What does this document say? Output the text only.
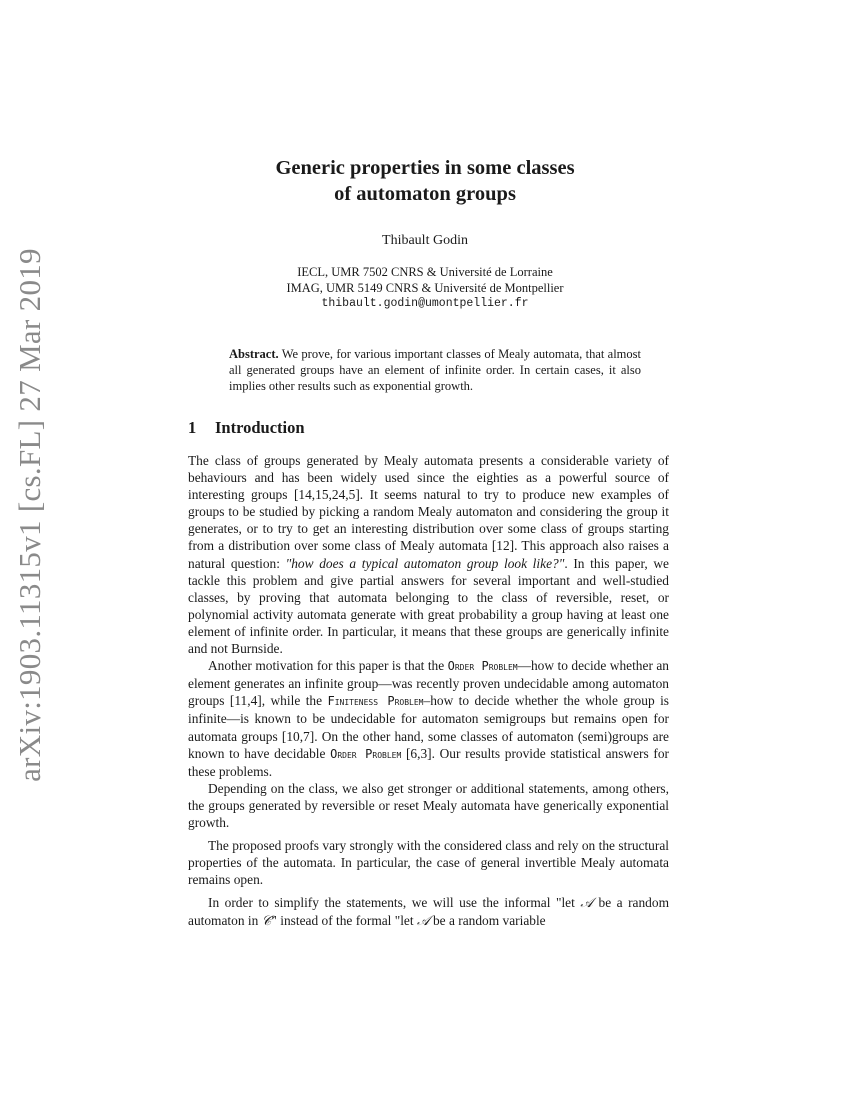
arXiv:1903.11315v1 [cs.FL] 27 Mar 2019
Generic properties in some classes
of automaton groups
Thibault Godin
IECL, UMR 7502 CNRS & Université de Lorraine
IMAG, UMR 5149 CNRS & Université de Montpellier
thibault.godin@umontpellier.fr
Abstract. We prove, for various important classes of Mealy automata, that almost all generated groups have an element of infinite order. In certain cases, it also implies other results such as exponential growth.
1 Introduction

The class of groups generated by Mealy automata presents a considerable variety of behaviours and has been widely used since the eighties as a powerful source of interesting groups [14,15,24,5]. It seems natural to try to produce new examples of groups to be studied by picking a random Mealy automaton and considering the group it generates, or to try to get an interesting distribution over some class of groups starting from a distribution over some class of Mealy automata [12]. This approach also raises a natural question: "how does a typical automaton group look like?". In this paper, we tackle this problem and give partial answers for several important and well-studied classes, by proving that automata belonging to the class of reversible, reset, or polynomial activity automata generate with great probability a group having at least one element of infinite order. In particular, it means that these groups are generically infinite and not Burnside.

Another motivation for this paper is that the Order Problem—how to decide whether an element generates an infinite group—was recently proven undecidable among automaton groups [11,4], while the Finiteness Problem–how to decide whether the whole group is infinite—is known to be undecidable for automaton semigroups but remains open for automata groups [10,7]. On the other hand, some classes of automaton (semi)groups are known to have decidable Order Problem [6,3]. Our results provide statistical answers for these problems.

Depending on the class, we also get stronger or additional statements, among others, the groups generated by reversible or reset Mealy automata have generically exponential growth.

The proposed proofs vary strongly with the considered class and rely on the structural properties of the automata. In particular, the case of general invertible Mealy automata remains open.

In order to simplify the statements, we will use the informal "let 𝒜 be a random automaton in 𝒞" instead of the formal "let 𝒜 be a random variable
